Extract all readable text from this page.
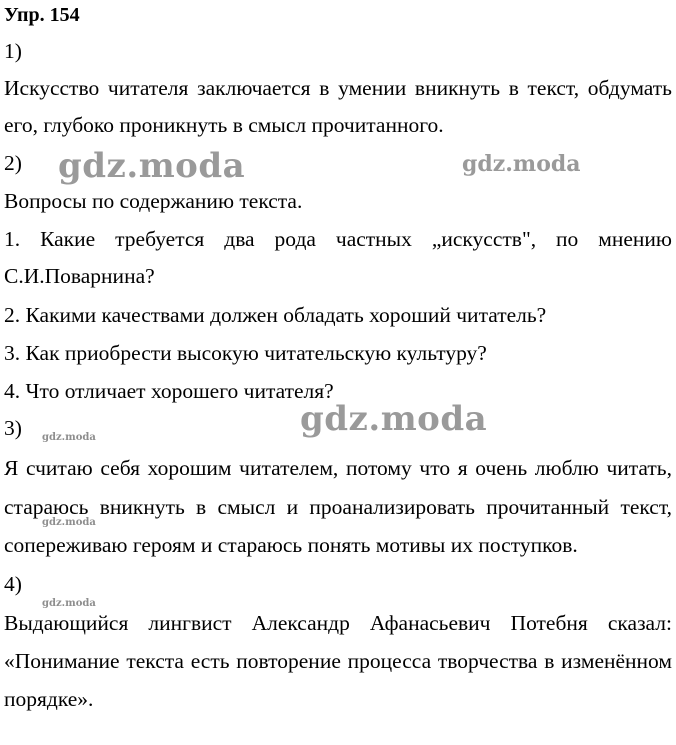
Упр. 154
1)
Искусство читателя заключается в умении вникнуть в текст, обдумать
его, глубоко проникнуть в смысл прочитанного.
2)
Вопросы по содержанию текста.
1. Какие требуется два рода частных „искусств", по мнению
С.И.Поварнина?
2. Какими качествами должен обладать хороший читатель?
3. Как приобрести высокую читательскую культуру?
4. Что отличает хорошего читателя?
3)
Я считаю себя хорошим читателем, потому что я очень люблю читать,
стараюсь вникнуть в смысл и проанализировать прочитанный текст,
сопереживаю героям и стараюсь понять мотивы их поступков.
4)
Выдающийся лингвист Александр Афанасьевич Потебня сказал:
«Понимание текста есть повторение процесса творчества в изменённом
порядке».
gdz.moda	gdz.moda
gdz.moda
gdz.moda
gdz.moda
gdz.moda
